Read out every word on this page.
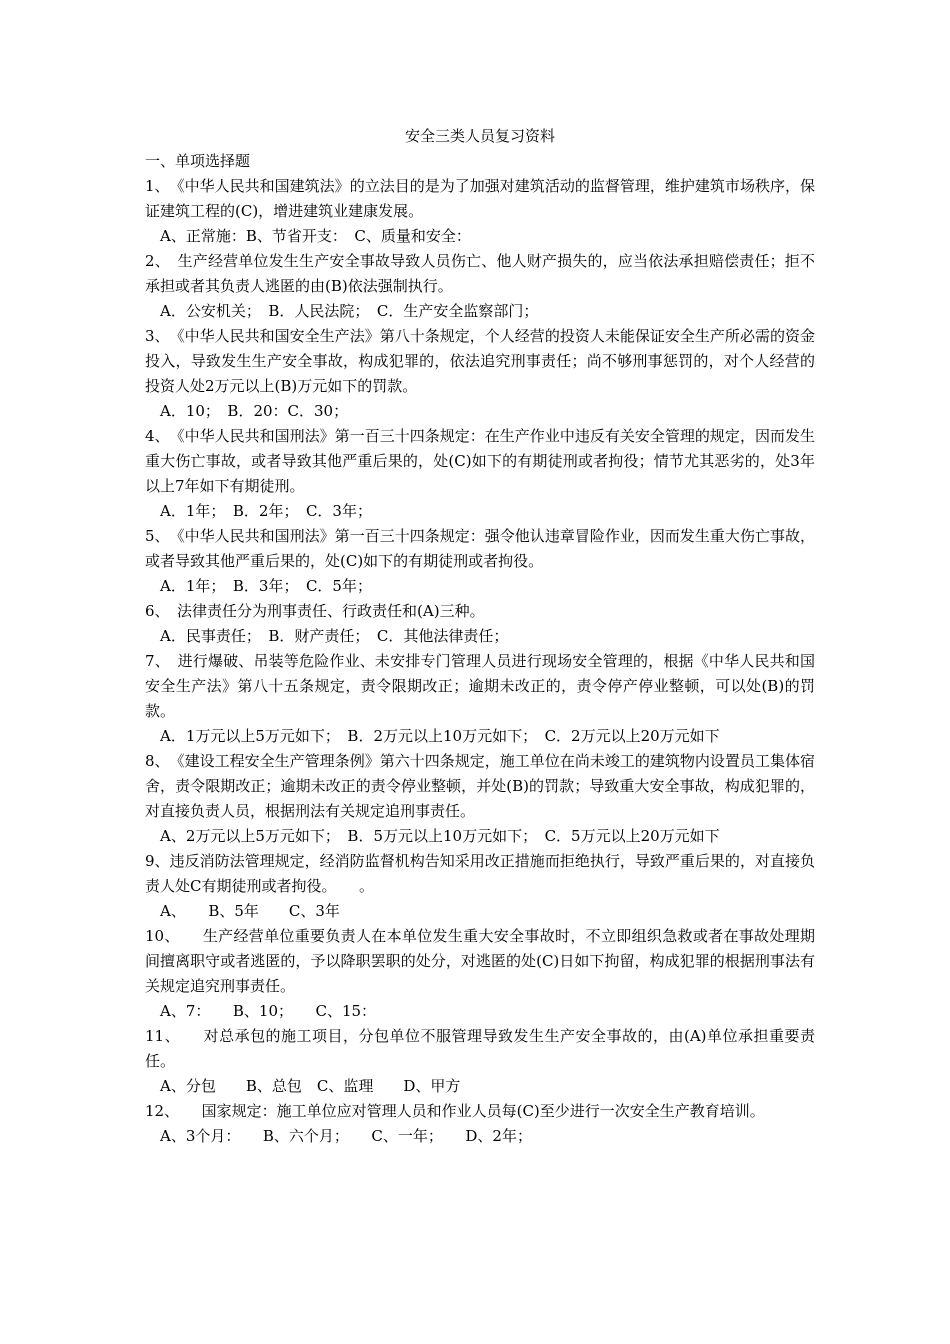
安全三类人员复习资料

一、单项选择题

1、　《中华人民共和国建筑法》的立法目的是为了加强对建筑活动的监督管理，维护建筑市场秩序，保证建筑工程的(C)，增进建筑业建康发展。

A、正常施：B、节省开支：　C、质量和安全：

2、　生产经营单位发生生产安全事故导致人员伤亡、他人财产损失的，应当依法承担赔偿责任；拒不承担或者其负责人逃匿的由(B)依法强制执行。

A．公安机关；　B．人民法院；　C．生产安全监察部门；

3、　《中华人民共和国安全生产法》第八十条规定，个人经营的投资人未能保证安全生产所必需的资金投入，导致发生生产安全事故，构成犯罪的，依法追究刑事责任；尚不够刑事惩罚的，对个人经营的投资人处2万元以上(B)万元如下的罚款。

A．10；　B．20：C．30；

4、　《中华人民共和国刑法》第一百三十四条规定：在生产作业中违反有关安全管理的规定，因而发生重大伤亡事故，或者导致其他严重后果的，处(C)如下的有期徒刑或者拘役；情节尤其恶劣的，处3年以上7年如下有期徒刑。

A．1年；　B．2年；　C．3年；

5、　《中华人民共和国刑法》第一百三十四条规定：强令他认违章冒险作业，因而发生重大伤亡事故，或者导致其他严重后果的，处(C)如下的有期徒刑或者拘役。

A．1年；　B．3年；　C．5年；

6、　法律责任分为刑事责任、行政责任和(A)三种。

A．民事责任；　B．财产责任；　C．其他法律责任；

7、　进行爆破、吊装等危险作业、未安排专门管理人员进行现场安全管理的，根据《中华人民共和国安全生产法》第八十五条规定，责令限期改正；逾期未改正的，责令停产停业整顿，可以处(B)的罚款。

A．1万元以上5万元如下；　B．2万元以上10万元如下；　C．2万元以上20万元如下

8、　《建设工程安全生产管理条例》第六十四条规定，施工单位在尚未竣工的建筑物内设置员工集体宿舍，责令限期改正；逾期未改正的责令停业整顿，并处(B)的罚款；导致重大安全事故，构成犯罪的，对直接负责人员，根据刑法有关规定追刑事责任。

A、2万元以上5万元如下；　B．5万元以上10万元如下；　C．5万元以上20万元如下

9、违反消防法管理规定，经消防监督机构告知采用改正措施而拒绝执行，导致严重后果的，对直接负责人处C有期徒刑或者拘役。　　。

A、　　B、5年　　C、3年

10、　　生产经营单位重要负责人在本单位发生重大安全事故时，不立即组织急救或者在事故处理期间擅离职守或者逃匿的，予以降职罢职的处分，对逃匿的处(C)日如下拘留，构成犯罪的根据刑事法有关规定追究刑事责任。

A、7：　　B、10；　　C、15：

11、　　对总承包的施工项目，分包单位不服管理导致发生生产安全事故的，由(A)单位承担重要责任。

A、分包　　B、总包　C、监理　　D、甲方

12、　　国家规定：施工单位应对管理人员和作业人员每(C)至少进行一次安全生产教育培训。

A、3个月：　　B、六个月；　　C、一年；　　D、2年；
